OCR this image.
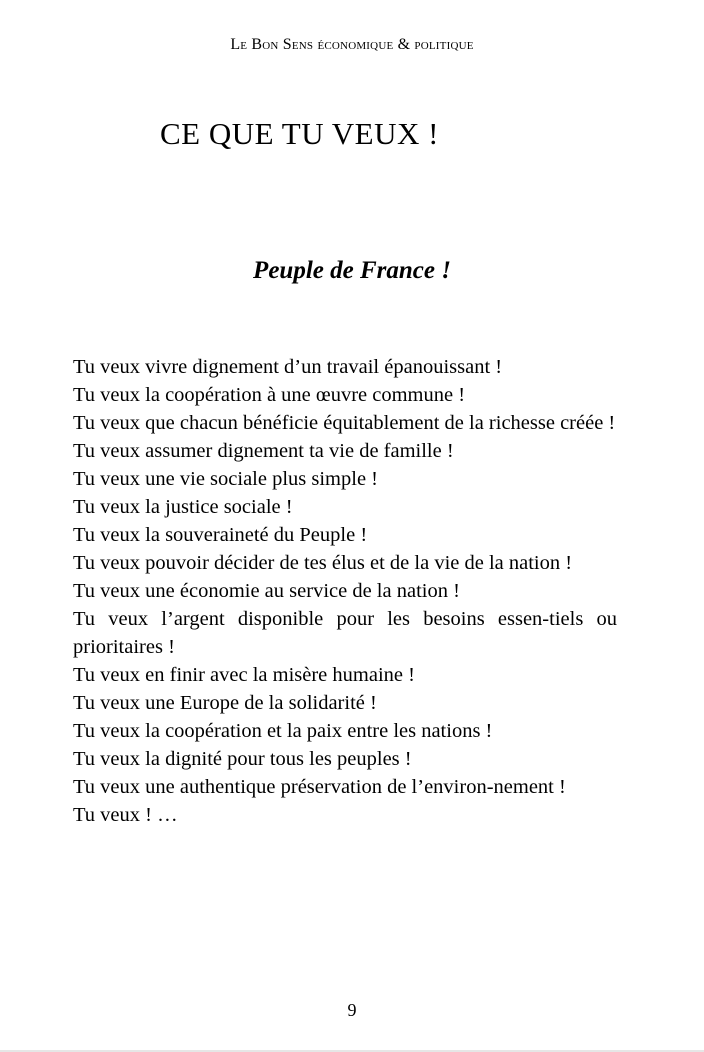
Le Bon Sens économique & politique
CE QUE TU VEUX !
Peuple de France !
Tu veux vivre dignement d’un travail épanouissant !
Tu veux la coopération à une œuvre commune !
Tu veux que chacun bénéficie équitablement de la richesse créée !
Tu veux assumer dignement ta vie de famille !
Tu veux une vie sociale plus simple !
Tu veux la justice sociale !
Tu veux la souveraineté du Peuple !
Tu veux pouvoir décider de tes élus et de la vie de la nation !
Tu veux une économie au service de la nation !
Tu veux l’argent disponible pour les besoins essen-tiels ou prioritaires !
Tu veux en finir avec la misère humaine !
Tu veux une Europe de la solidarité !
Tu veux la coopération et la paix entre les nations !
Tu veux la dignité pour tous les peuples !
Tu veux une authentique préservation de l’environ-nement !
Tu veux ! …
9
